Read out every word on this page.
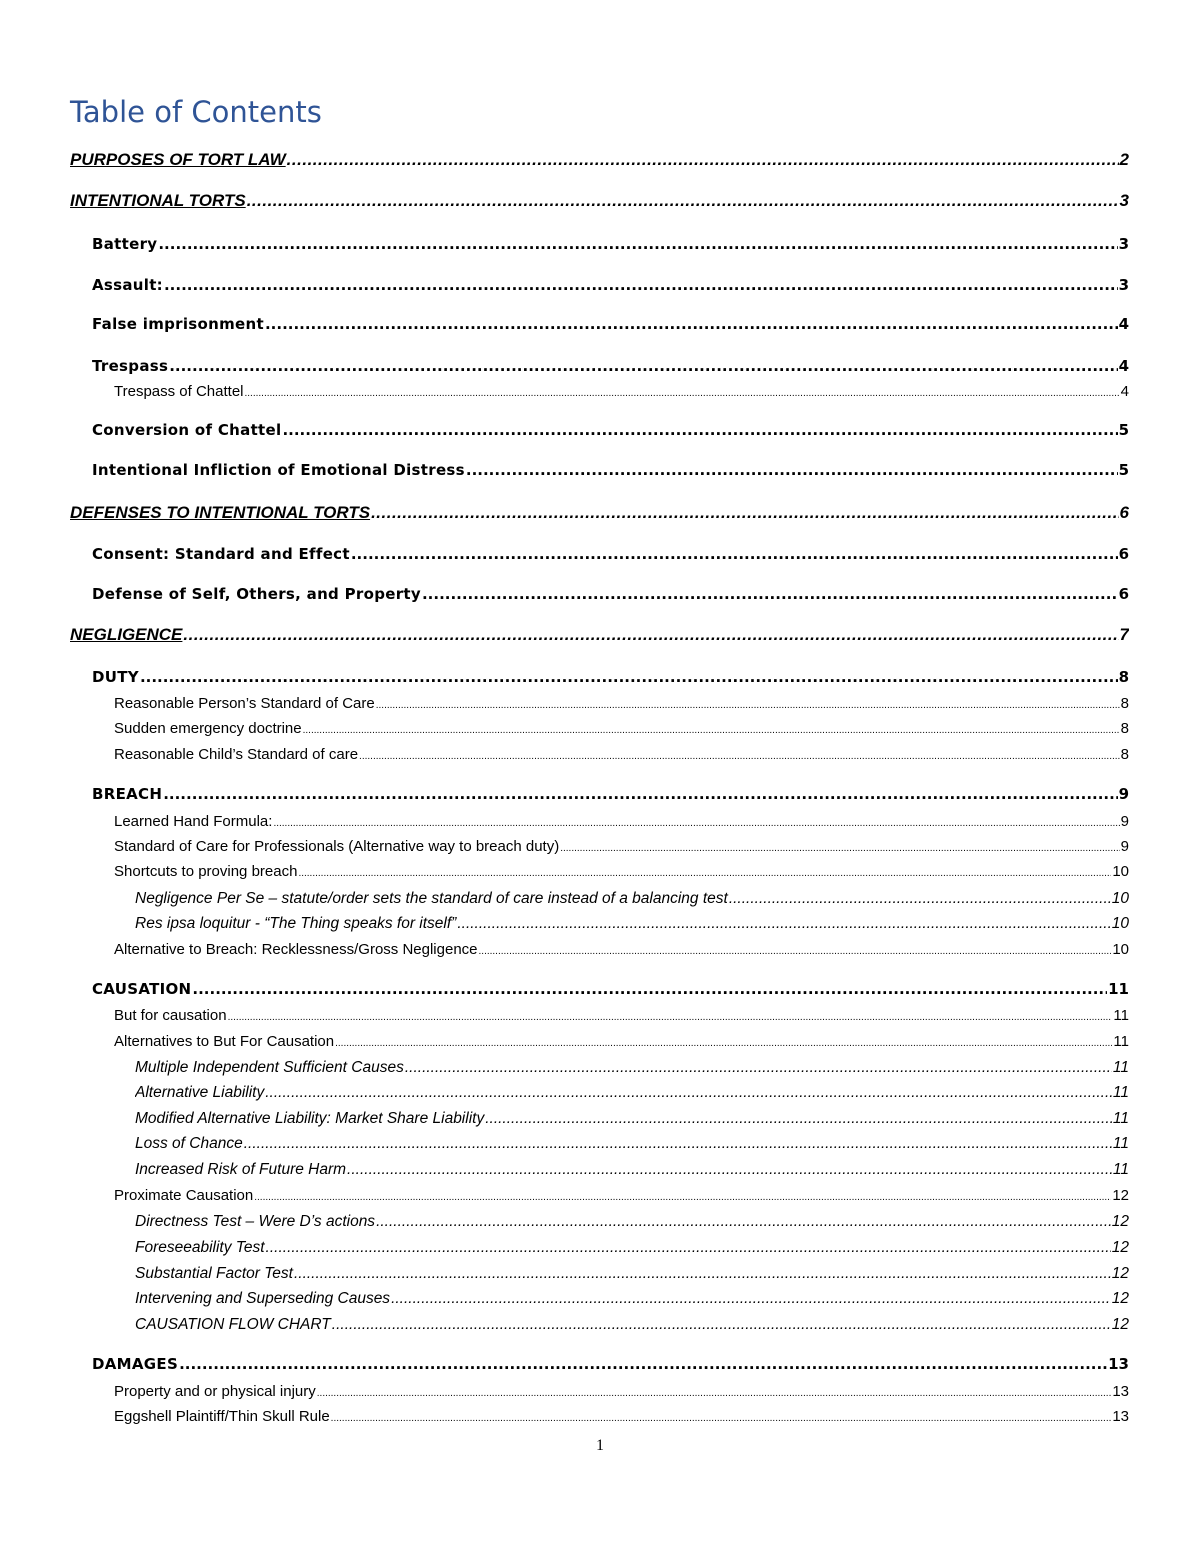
Table of Contents
PURPOSES OF TORT LAW .....	2
INTENTIONAL TORTS .....	3
Battery .....	3
Assault: .....	3
False imprisonment .....	4
Trespass .....	4
Trespass of Chattel .....	4
Conversion of Chattel .....	5
Intentional Infliction of Emotional Distress .....	5
DEFENSES TO INTENTIONAL TORTS .....	6
Consent: Standard and Effect .....	6
Defense of Self, Others, and Property .....	6
NEGLIGENCE .....	7
DUTY .....	8
Reasonable Person’s Standard of Care .....	8
Sudden emergency doctrine .....	8
Reasonable Child’s Standard of care .....	8
BREACH .....	9
Learned Hand Formula: .....	9
Standard of Care for Professionals (Alternative way to breach duty) .....	9
Shortcuts to proving breach .....	10
Negligence Per Se – statute/order sets the standard of care instead of a balancing test .....	10
Res ipsa loquitur - “The Thing speaks for itself” .....	10
Alternative to Breach: Recklessness/Gross Negligence .....	10
CAUSATION .....	11
But for causation .....	11
Alternatives to But For Causation .....	11
Multiple Independent Sufficient Causes .....	11
Alternative Liability .....	11
Modified Alternative Liability: Market Share Liability .....	11
Loss of Chance .....	11
Increased Risk of Future Harm .....	11
Proximate Causation .....	12
Directness Test – Were D’s actions .....	12
Foreseeability Test .....	12
Substantial Factor Test .....	12
Intervening and Superseding Causes .....	12
CAUSATION FLOW CHART .....	12
DAMAGES .....	13
Property and or physical injury .....	13
Eggshell Plaintiff/Thin Skull Rule .....	13
1
